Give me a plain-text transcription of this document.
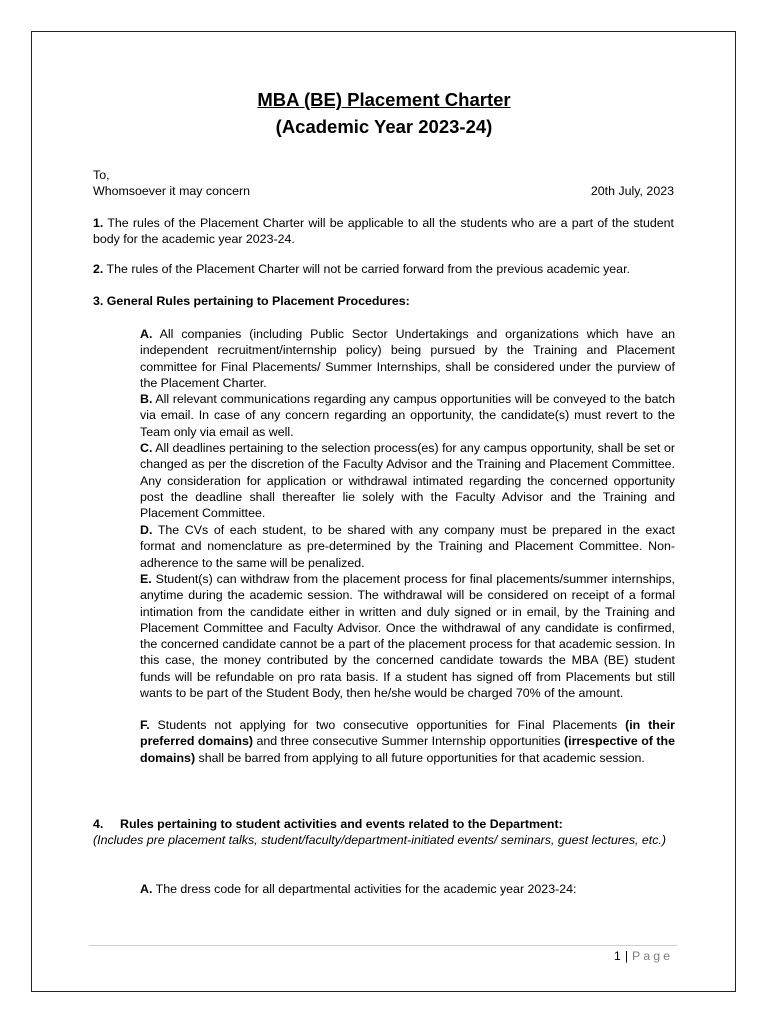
MBA (BE) Placement Charter
(Academic Year 2023-24)
To,
Whomsoever it may concern	20th July, 2023
1. The rules of the Placement Charter will be applicable to all the students who are a part of the student body for the academic year 2023-24.
2. The rules of the Placement Charter will not be carried forward from the previous academic year.
3. General Rules pertaining to Placement Procedures:
A. All companies (including Public Sector Undertakings and organizations which have an independent recruitment/internship policy) being pursued by the Training and Placement committee for Final Placements/ Summer Internships, shall be considered under the purview of the Placement Charter.
B. All relevant communications regarding any campus opportunities will be conveyed to the batch via email. In case of any concern regarding an opportunity, the candidate(s) must revert to the Team only via email as well.
C. All deadlines pertaining to the selection process(es) for any campus opportunity, shall be set or changed as per the discretion of the Faculty Advisor and the Training and Placement Committee. Any consideration for application or withdrawal intimated regarding the concerned opportunity post the deadline shall thereafter lie solely with the Faculty Advisor and the Training and Placement Committee.
D. The CVs of each student, to be shared with any company must be prepared in the exact format and nomenclature as pre-determined by the Training and Placement Committee. Non-adherence to the same will be penalized.
E. Student(s) can withdraw from the placement process for final placements/summer internships, anytime during the academic session. The withdrawal will be considered on receipt of a formal intimation from the candidate either in written and duly signed or in email, by the Training and Placement Committee and Faculty Advisor. Once the withdrawal of any candidate is confirmed, the concerned candidate cannot be a part of the placement process for that academic session. In this case, the money contributed by the concerned candidate towards the MBA (BE) student funds will be refundable on pro rata basis. If a student has signed off from Placements but still wants to be part of the Student Body, then he/she would be charged 70% of the amount.
F. Students not applying for two consecutive opportunities for Final Placements (in their preferred domains) and three consecutive Summer Internship opportunities (irrespective of the domains) shall be barred from applying to all future opportunities for that academic session.
4. Rules pertaining to student activities and events related to the Department:
(Includes pre placement talks, student/faculty/department-initiated events/ seminars, guest lectures, etc.)
A. The dress code for all departmental activities for the academic year 2023-24:
1 | Page
